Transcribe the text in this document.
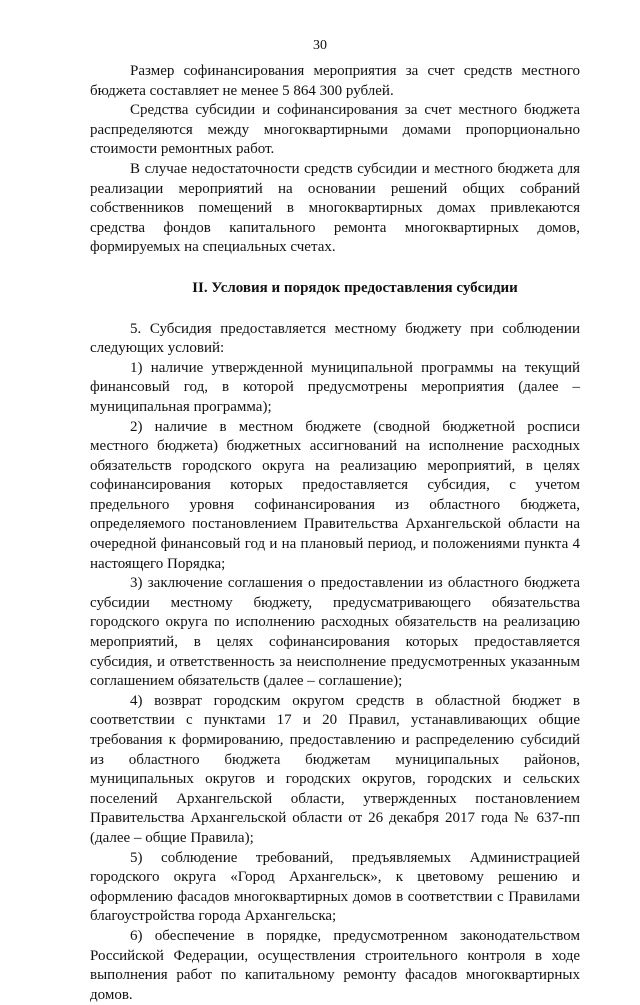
30

Размер софинансирования мероприятия за счет средств местного бюджета составляет не менее 5 864 300 рублей.

Средства субсидии и софинансирования за счет местного бюджета распределяются между многоквартирными домами пропорционально стоимости ремонтных работ.

В случае недостаточности средств субсидии и местного бюджета для реализации мероприятий на основании решений общих собраний собственников помещений в многоквартирных домах привлекаются средства фондов капитального ремонта многоквартирных домов, формируемых на специальных счетах.

II. Условия и порядок предоставления субсидии

5. Субсидия предоставляется местному бюджету при соблюдении следующих условий:

1) наличие утвержденной муниципальной программы на текущий финансовый год, в которой предусмотрены мероприятия (далее – муниципальная программа);

2) наличие в местном бюджете (сводной бюджетной росписи местного бюджета) бюджетных ассигнований на исполнение расходных обязательств городского округа на реализацию мероприятий, в целях софинансирования которых предоставляется субсидия, с учетом предельного уровня софинансирования из областного бюджета, определяемого постановлением Правительства Архангельской области на очередной финансовый год и на плановый период, и положениями пункта 4 настоящего Порядка;

3) заключение соглашения о предоставлении из областного бюджета субсидии местному бюджету, предусматривающего обязательства городского округа по исполнению расходных обязательств на реализацию мероприятий, в целях софинансирования которых предоставляется субсидия, и ответственность за неисполнение предусмотренных указанным соглашением обязательств (далее – соглашение);

4) возврат городским округом средств в областной бюджет в соответствии с пунктами 17 и 20 Правил, устанавливающих общие требования к формированию, предоставлению и распределению субсидий из областного бюджета бюджетам муниципальных районов, муниципальных округов и городских округов, городских и сельских поселений Архангельской области, утвержденных постановлением Правительства Архангельской области от 26 декабря 2017 года № 637-пп (далее – общие Правила);

5) соблюдение требований, предъявляемых Администрацией городского округа «Город Архангельск», к цветовому решению и оформлению фасадов многоквартирных домов в соответствии с Правилами благоустройства города Архангельска;

6) обеспечение в порядке, предусмотренном законодательством Российской Федерации, осуществления строительного контроля в ходе выполнения работ по капитальному ремонту фасадов многоквартирных домов.
